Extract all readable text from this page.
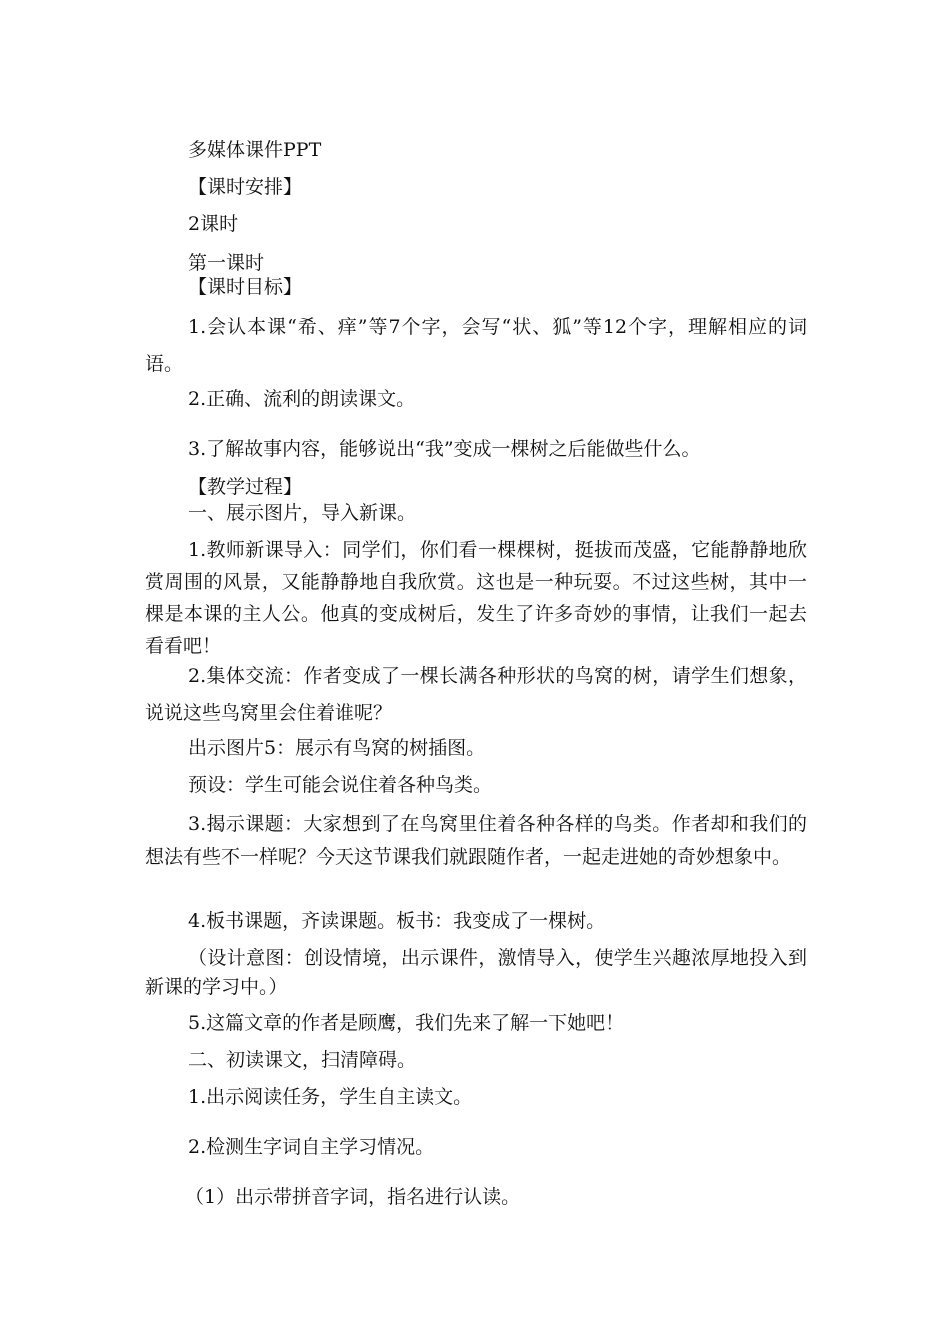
多媒体课件PPT

【课时安排】

2课时

第一课时

【课时目标】

1.会认本课“希、痒”等7个字，会写“状、狐”等12个字，理解相应的词语。

2.正确、流利的朗读课文。

3.了解故事内容，能够说出“我”变成一棵树之后能做些什么。

【教学过程】

一、展示图片，导入新课。

1.教师新课导入：同学们，你们看一棵棵树，挺拔而茂盛，它能静静地欣赏周围的风景，又能静静地自我欣赏。这也是一种玩耍。不过这些树，其中一棵是本课的主人公。他真的变成树后，发生了许多奇妙的事情，让我们一起去看看吧！

2.集体交流：作者变成了一棵长满各种形状的鸟窝的树，请学生们想象，说说这些鸟窝里会住着谁呢？

出示图片5：展示有鸟窝的树插图。

预设：学生可能会说住着各种鸟类。

3.揭示课题：大家想到了在鸟窝里住着各种各样的鸟类。作者却和我们的想法有些不一样呢？今天这节课我们就跟随作者，一起走进她的奇妙想象中。

4.板书课题，齐读课题。板书：我变成了一棵树。

（设计意图：创设情境，出示课件，激情导入，使学生兴趣浓厚地投入到新课的学习中。）

5.这篇文章的作者是顾鹰，我们先来了解一下她吧！

二、初读课文，扫清障碍。

1.出示阅读任务，学生自主读文。

2.检测生字词自主学习情况。

（1）出示带拼音字词，指名进行认读。
